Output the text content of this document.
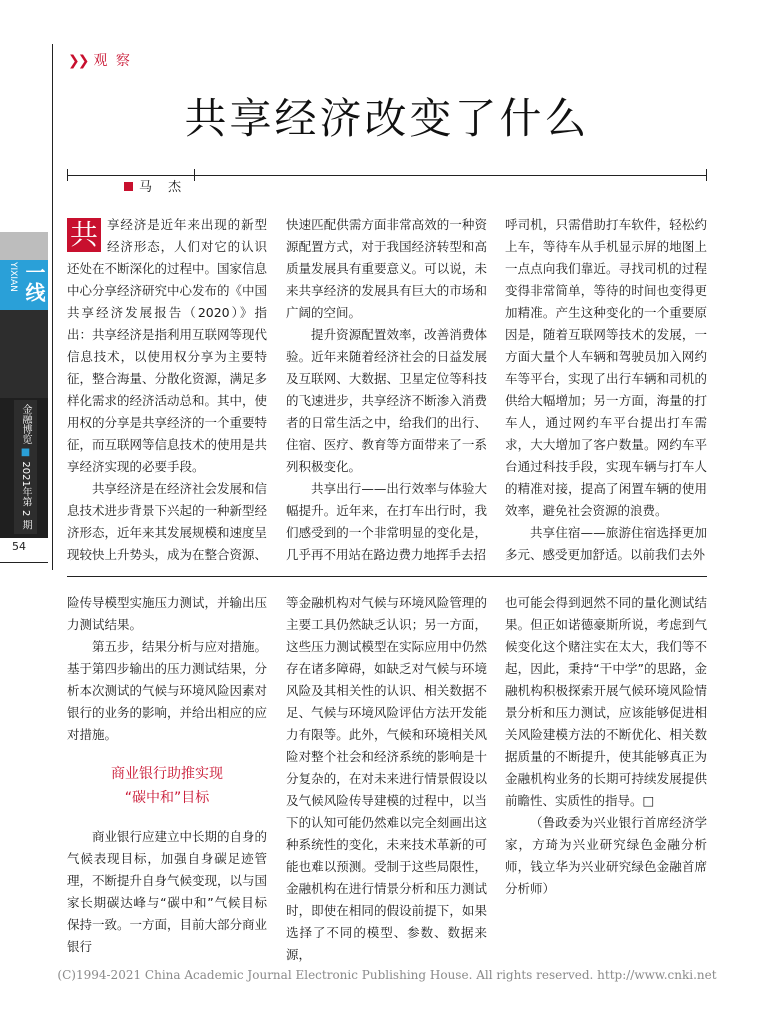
❯❯ 观 察
共享经济改变了什么
马 杰
YIXIAN 一线
金融博览 ■ 2021年第 2 期
54

共 享经济是近年来出现的新型经济形态，人们对它的认识还处在不断深化的过程中。国家信息中心分享经济研究中心发布的《中国共享经济发展报告（2020）》指出：共享经济是指利用互联网等现代信息技术，以使用权分享为主要特征，整合海量、分散化资源，满足多样化需求的经济活动总和。其中，使用权的分享是共享经济的一个重要特征，而互联网等信息技术的使用是共享经济实现的必要手段。

共享经济是在经济社会发展和信息技术进步背景下兴起的一种新型经济形态，近年来其发展规模和速度呈现较快上升势头，成为在整合资源、

快速匹配供需方面非常高效的一种资源配置方式，对于我国经济转型和高质量发展具有重要意义。可以说，未来共享经济的发展具有巨大的市场和广阔的空间。

提升资源配置效率，改善消费体验。近年来随着经济社会的日益发展及互联网、大数据、卫星定位等科技的飞速进步，共享经济不断渗入消费者的日常生活之中，给我们的出行、住宿、医疗、教育等方面带来了一系列积极变化。

共享出行——出行效率与体验大幅提升。近年来，在打车出行时，我们感受到的一个非常明显的变化是，几乎再不用站在路边费力地挥手去招

呼司机，只需借助打车软件，轻松约上车，等待车从手机显示屏的地图上一点点向我们靠近。寻找司机的过程变得非常简单，等待的时间也变得更加精准。产生这种变化的一个重要原因是，随着互联网等技术的发展，一方面大量个人车辆和驾驶员加入网约车等平台，实现了出行车辆和司机的供给大幅增加；另一方面，海量的打车人，通过网约车平台提出打车需求，大大增加了客户数量。网约车平台通过科技手段，实现车辆与打车人的精准对接，提高了闲置车辆的使用效率，避免社会资源的浪费。

共享住宿——旅游住宿选择更加多元、感受更加舒适。以前我们去外

险传导模型实施压力测试，并输出压力测试结果。

第五步，结果分析与应对措施。基于第四步输出的压力测试结果，分析本次测试的气候与环境风险因素对银行的业务的影响，并给出相应的应对措施。

商业银行助推实现
“碳中和”目标

商业银行应建立中长期的自身的气候表现目标，加强自身碳足迹管理，不断提升自身气候变现，以与国家长期碳达峰与“碳中和”气候目标保持一致。一方面，目前大部分商业银行

等金融机构对气候与环境风险管理的主要工具仍然缺乏认识；另一方面，这些压力测试模型在实际应用中仍然存在诸多障碍，如缺乏对气候与环境风险及其相关性的认识、相关数据不足、气候与环境风险评估方法开发能力有限等。此外，气候和环境相关风险对整个社会和经济系统的影响是十分复杂的，在对未来进行情景假设以及气候风险传导建模的过程中，以当下的认知可能仍然难以完全刻画出这种系统性的变化，未来技术革新的可能也难以预测。受制于这些局限性，金融机构在进行情景分析和压力测试时，即使在相同的假设前提下，如果选择了不同的模型、参数、数据来源，

也可能会得到迥然不同的量化测试结果。但正如诺德豪斯所说，考虑到气候变化这个赌注实在太大，我们等不起，因此，秉持“干中学”的思路，金融机构积极探索开展气候环境风险情景分析和压力测试，应该能够促进相关风险建模方法的不断优化、相关数据质量的不断提升，使其能够真正为金融机构业务的长期可持续发展提供前瞻性、实质性的指导。□

（鲁政委为兴业银行首席经济学家，方琦为兴业研究绿色金融分析师，钱立华为兴业研究绿色金融首席分析师）

(C)1994-2021 China Academic Journal Electronic Publishing House. All rights reserved. http://www.cnki.net
